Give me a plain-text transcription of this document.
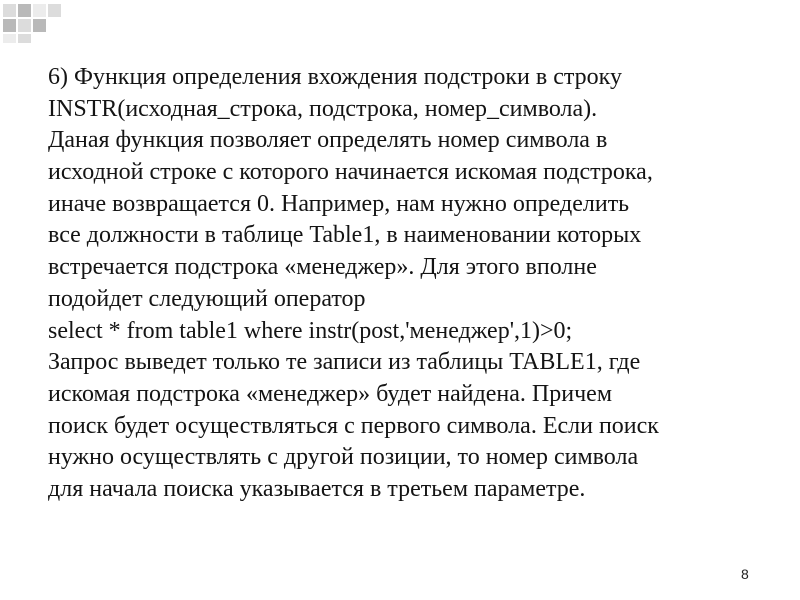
6) Функция определения вхождения подстроки в строку
INSTR(исходная_строка, подстрока, номер_символа).
Даная функция позволяет определять номер символа в
исходной строке с которого начинается искомая подстрока,
иначе возвращается 0. Например, нам нужно определить
все должности в таблице Table1, в наименовании которых
встречается подстрока «менеджер». Для этого вполне
подойдет следующий оператор
select * from table1 where instr(post,'менеджер',1)>0;
Запрос выведет только те записи из таблицы TABLE1, где
искомая подстрока «менеджер» будет найдена. Причем
поиск будет осуществляться с первого символа. Если поиск
нужно осуществлять с другой позиции, то номер символа
для начала поиска указывается в третьем параметре.
8
